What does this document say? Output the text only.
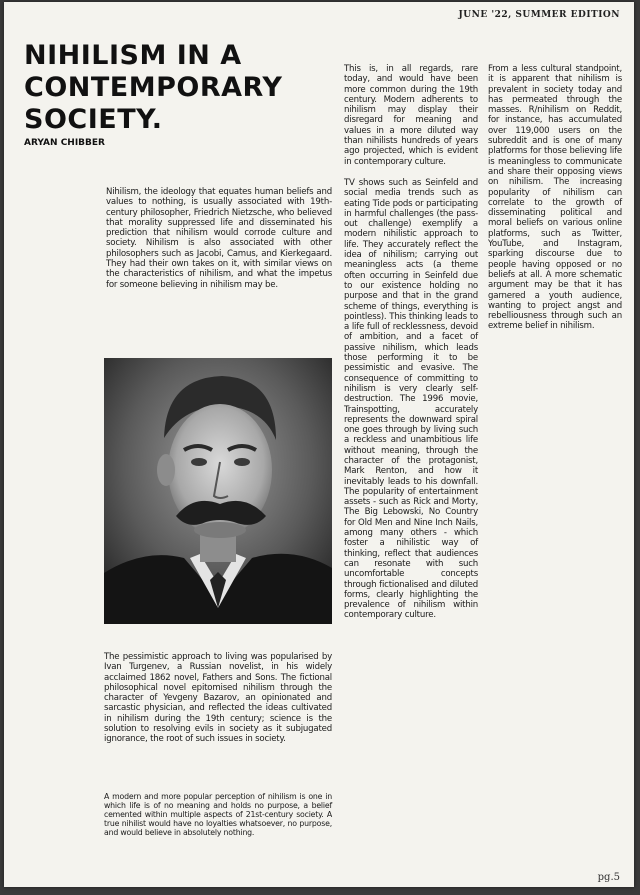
JUNE '22, SUMMER EDITION
NIHILISM IN A CONTEMPORARY SOCIETY.
ARYAN CHIBBER

Nihilism, the ideology that equates human beliefs and values to nothing, is usually associated with 19th-century philosopher, Friedrich Nietzsche, who believed that morality suppressed life and disseminated his prediction that nihilism would corrode culture and society. Nihilism is also associated with other philosophers such as Jacobi, Camus, and Kierkegaard. They had their own takes on it, with similar views on the characteristics of nihilism, and what the impetus for someone believing in nihilism may be.

The pessimistic approach to living was popularised by Ivan Turgenev, a Russian novelist, in his widely acclaimed 1862 novel, Fathers and Sons. The fictional philosophical novel epitomised nihilism through the character of Yevgeny Bazarov, an opinionated and sarcastic physician, and reflected the ideas cultivated in nihilism during the 19th century; science is the solution to resolving evils in society as it subjugated ignorance, the root of such issues in society.

A modern and more popular perception of nihilism is one in which life is of no meaning and holds no purpose, a belief cemented within multiple aspects of 21st-century society. A true nihilist would have no loyalties whatsoever, no purpose, and would believe in absolutely nothing.

This is, in all regards, rare today, and would have been more common during the 19th century. Modern adherents to nihilism may display their disregard for meaning and values in a more diluted way than nihilists hundreds of years ago projected, which is evident in contemporary culture.

TV shows such as Seinfeld and social media trends such as eating Tide pods or participating in harmful challenges (the pass-out challenge) exemplify a modern nihilistic approach to life. They accurately reflect the idea of nihilism; carrying out meaningless acts (a theme often occurring in Seinfeld due to our existence holding no purpose and that in the grand scheme of things, everything is pointless). This thinking leads to a life full of recklessness, devoid of ambition, and a facet of passive nihilism, which leads those performing it to be pessimistic and evasive. The consequence of committing to nihilism is very clearly self-destruction. The 1996 movie, Trainspotting, accurately represents the downward spiral one goes through by living such a reckless and unambitious life without meaning, through the character of the protagonist, Mark Renton, and how it inevitably leads to his downfall. The popularity of entertainment assets - such as Rick and Morty, The Big Lebowski, No Country for Old Men and Nine Inch Nails, among many others - which foster a nihilistic way of thinking, reflect that audiences can resonate with such uncomfortable concepts through fictionalised and diluted forms, clearly highlighting the prevalence of nihilism within contemporary culture.

From a less cultural standpoint, it is apparent that nihilism is prevalent in society today and has permeated through the masses. R/nihilism on Reddit, for instance, has accumulated over 119,000 users on the subreddit and is one of many platforms for those believing life is meaningless to communicate and share their opposing views on nihilism. The increasing popularity of nihilism can correlate to the growth of disseminating political and moral beliefs on various online platforms, such as Twitter, YouTube, and Instagram, sparking discourse due to people having opposed or no beliefs at all. A more schematic argument may be that it has garnered a youth audience, wanting to project angst and rebelliousness through such an extreme belief in nihilism.

pg.5
